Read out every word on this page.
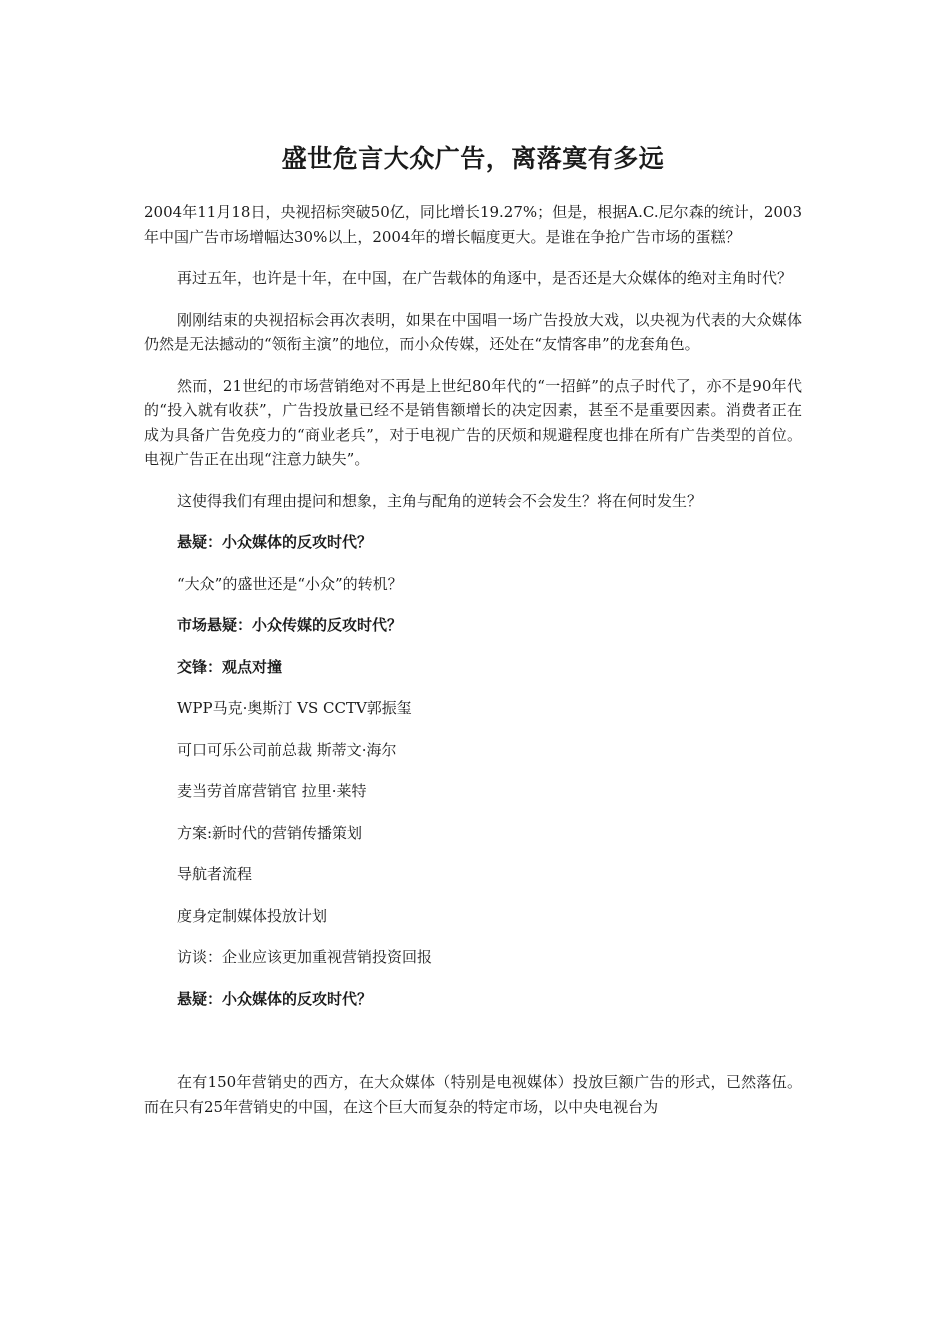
盛世危言大众广告，离落寞有多远

2004年11月18日，央视招标突破50亿，同比增长19.27%；但是，根据A.C.尼尔森的统计，2003年中国广告市场增幅达30%以上，2004年的增长幅度更大。是谁在争抢广告市场的蛋糕？

再过五年，也许是十年，在中国，在广告载体的角逐中，是否还是大众媒体的绝对主角时代？

刚刚结束的央视招标会再次表明，如果在中国唱一场广告投放大戏，以央视为代表的大众媒体仍然是无法撼动的“领衔主演”的地位，而小众传媒，还处在“友情客串”的龙套角色。

然而，21世纪的市场营销绝对不再是上世纪80年代的“一招鲜”的点子时代了，亦不是90年代的“投入就有收获”，广告投放量已经不是销售额增长的决定因素，甚至不是重要因素。消费者正在成为具备广告免疫力的“商业老兵”，对于电视广告的厌烦和规避程度也排在所有广告类型的首位。电视广告正在出现“注意力缺失”。

这使得我们有理由提问和想象，主角与配角的逆转会不会发生？将在何时发生？

悬疑：小众媒体的反攻时代？
“大众”的盛世还是“小众”的转机？
市场悬疑：小众传媒的反攻时代？
交锋：观点对撞
WPP马克·奥斯汀 VS CCTV郭振玺
可口可乐公司前总裁 斯蒂文·海尔
麦当劳首席营销官 拉里·莱特
方案:新时代的营销传播策划
导航者流程
度身定制媒体投放计划
访谈：企业应该更加重视营销投资回报
悬疑：小众媒体的反攻时代？

在有150年营销史的西方，在大众媒体（特别是电视媒体）投放巨额广告的形式，已然落伍。而在只有25年营销史的中国，在这个巨大而复杂的特定市场，以中央电视台为
